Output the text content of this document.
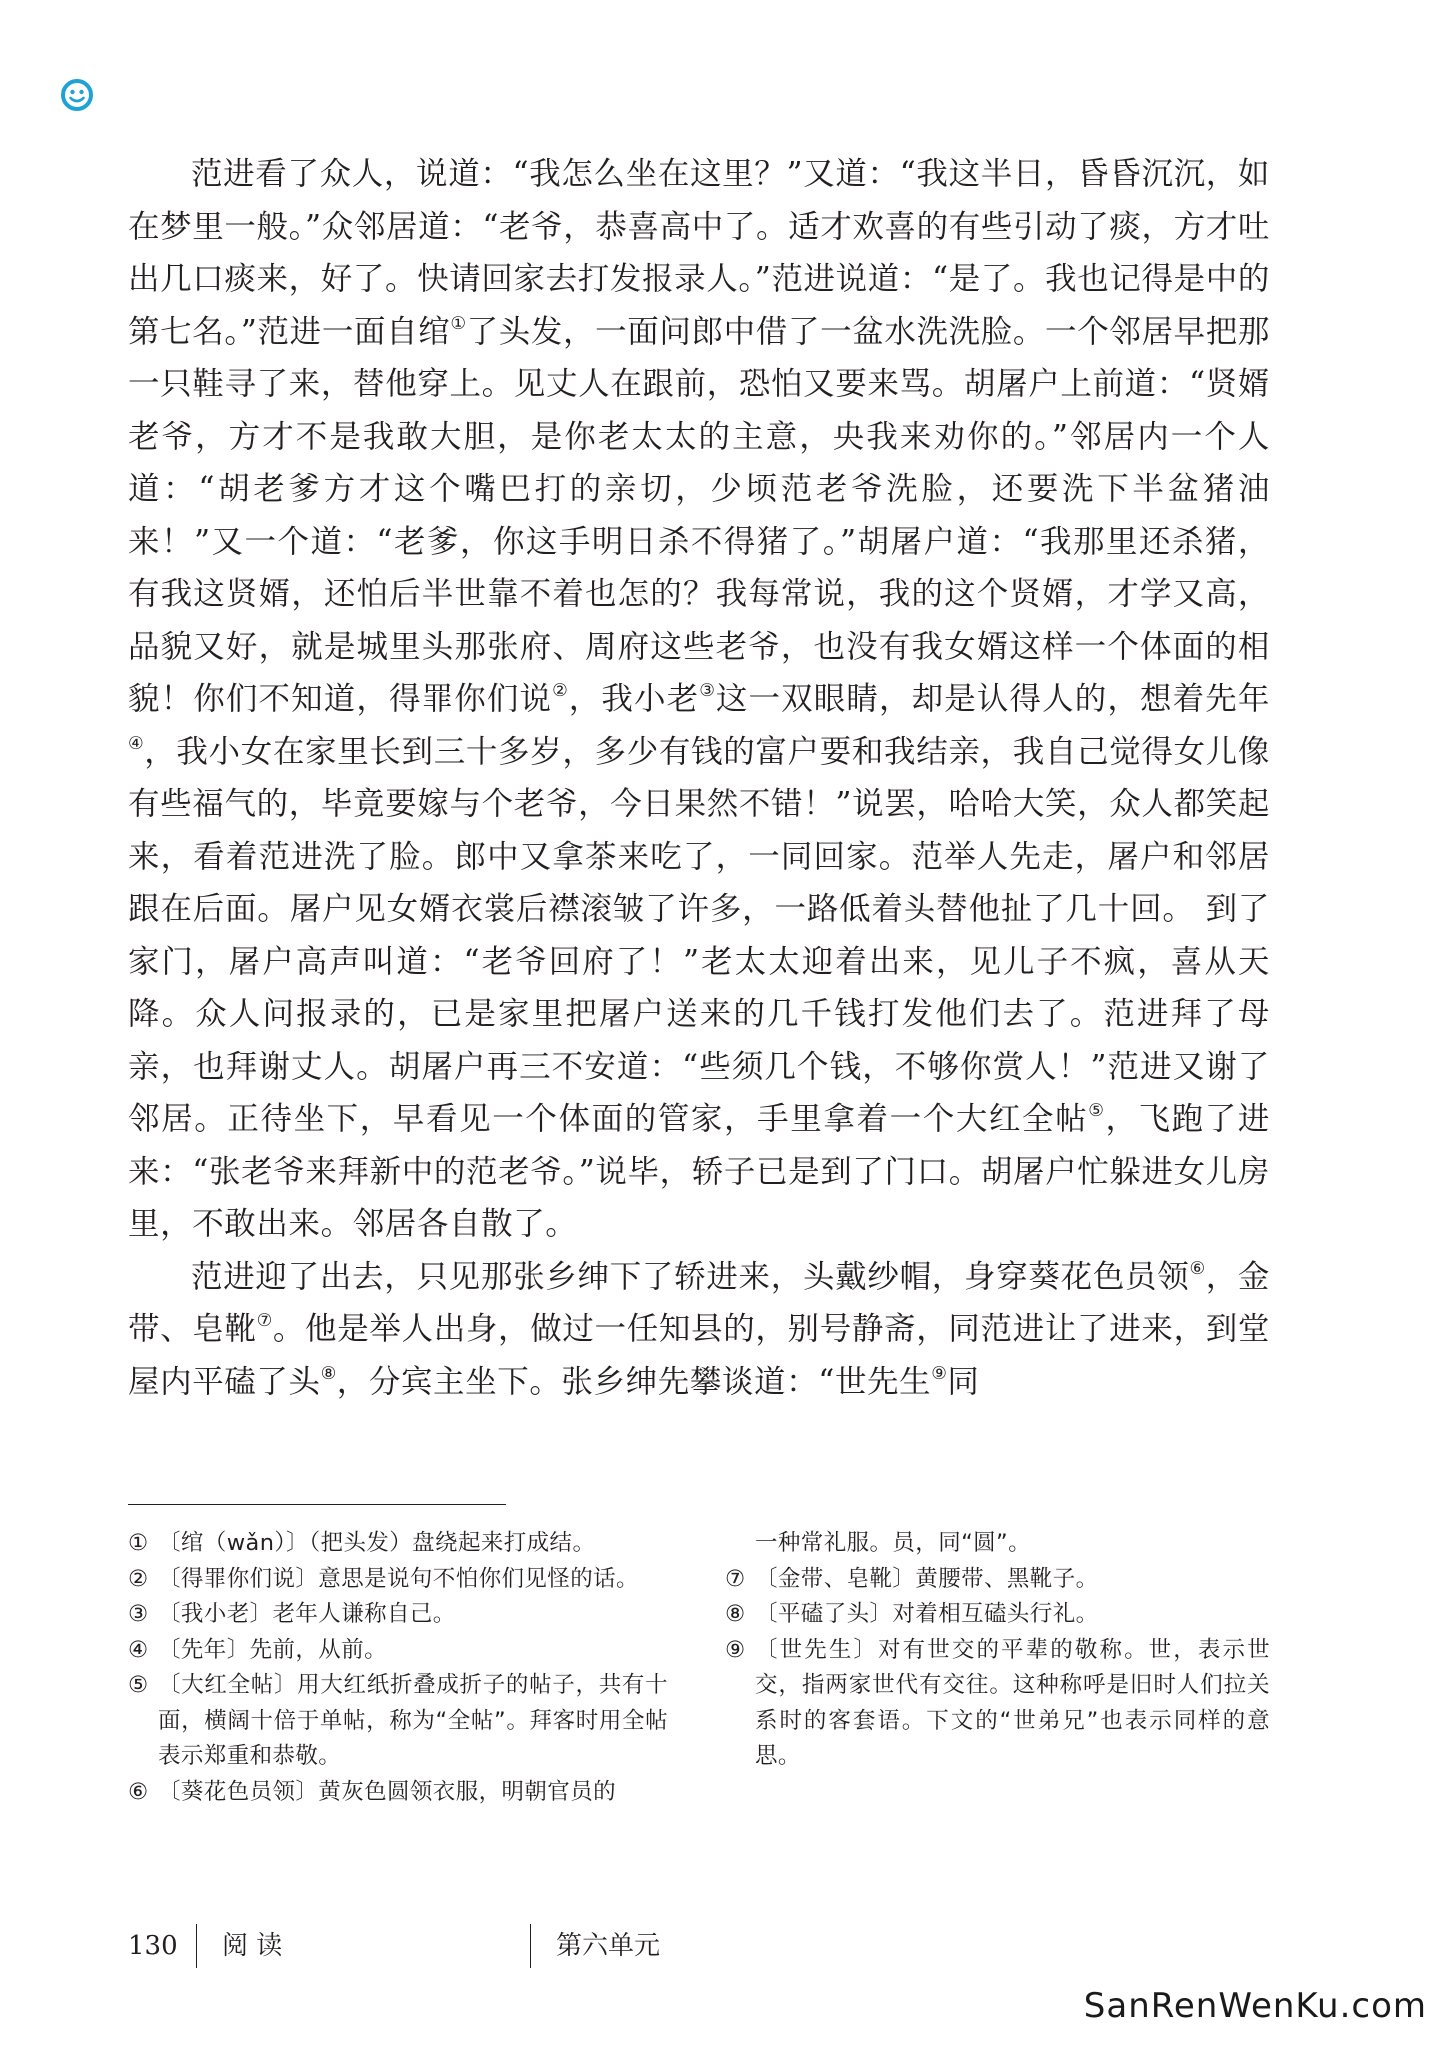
范进看了众人，说道：“我怎么坐在这里？”又道：“我这半日，昏昏沉沉，如在梦里一般。”众邻居道：“老爷，恭喜高中了。适才欢喜的有些引动了痰，方才吐出几口痰来，好了。快请回家去打发报录人。”范进说道：“是了。我也记得是中的第七名。”范进一面自绾①了头发，一面问郎中借了一盆水洗洗脸。一个邻居早把那一只鞋寻了来，替他穿上。见丈人在跟前，恐怕又要来骂。胡屠户上前道：“贤婿老爷，方才不是我敢大胆，是你老太太的主意，央我来劝你的。”邻居内一个人道：“胡老爹方才这个嘴巴打的亲切，少顷范老爷洗脸，还要洗下半盆猪油来！”又一个道：“老爹，你这手明日杀不得猪了。”胡屠户道：“我那里还杀猪，有我这贤婿，还怕后半世靠不着也怎的？我每常说，我的这个贤婿，才学又高，品貌又好，就是城里头那张府、周府这些老爷，也没有我女婿这样一个体面的相貌！你们不知道，得罪你们说②，我小老③这一双眼睛，却是认得人的，想着先年④，我小女在家里长到三十多岁，多少有钱的富户要和我结亲，我自己觉得女儿像有些福气的，毕竟要嫁与个老爷，今日果然不错！”说罢，哈哈大笑，众人都笑起来，看着范进洗了脸。郎中又拿茶来吃了，一同回家。范举人先走，屠户和邻居跟在后面。屠户见女婿衣裳后襟滚皱了许多，一路低着头替他扯了几十回。 到了家门，屠户高声叫道：“老爷回府了！”老太太迎着出来，见儿子不疯，喜从天降。众人问报录的，已是家里把屠户送来的几千钱打发他们去了。范进拜了母亲，也拜谢丈人。胡屠户再三不安道：“些须几个钱，不够你赏人！”范进又谢了邻居。正待坐下，早看见一个体面的管家，手里拿着一个大红全帖⑤，飞跑了进来：“张老爷来拜新中的范老爷。”说毕，轿子已是到了门口。胡屠户忙躲进女儿房里，不敢出来。邻居各自散了。

范进迎了出去，只见那张乡绅下了轿进来，头戴纱帽，身穿葵花色员领⑥，金带、皂靴⑦。他是举人出身，做过一任知县的，别号静斋，同范进让了进来，到堂屋内平磕了头⑧，分宾主坐下。张乡绅先攀谈道：“世先生⑨同

① 〔绾（wǎn）〕（把头发）盘绕起来打成结。
② 〔得罪你们说〕意思是说句不怕你们见怪的话。
③ 〔我小老〕老年人谦称自己。
④ 〔先年〕先前，从前。
⑤ 〔大红全帖〕用大红纸折叠成折子的帖子，共有十面，横阔十倍于单帖，称为“全帖”。拜客时用全帖表示郑重和恭敬。
⑥ 〔葵花色员领〕黄灰色圆领衣服，明朝官员的
一种常礼服。员，同“圆”。
⑦ 〔金带、皂靴〕黄腰带、黑靴子。
⑧ 〔平磕了头〕对着相互磕头行礼。
⑨ 〔世先生〕对有世交的平辈的敬称。世，表示世交，指两家世代有交往。这种称呼是旧时人们拉关系时的客套语。下文的“世弟兄”也表示同样的意思。
130 阅 读	第六单元
SanRenWenKu.com
